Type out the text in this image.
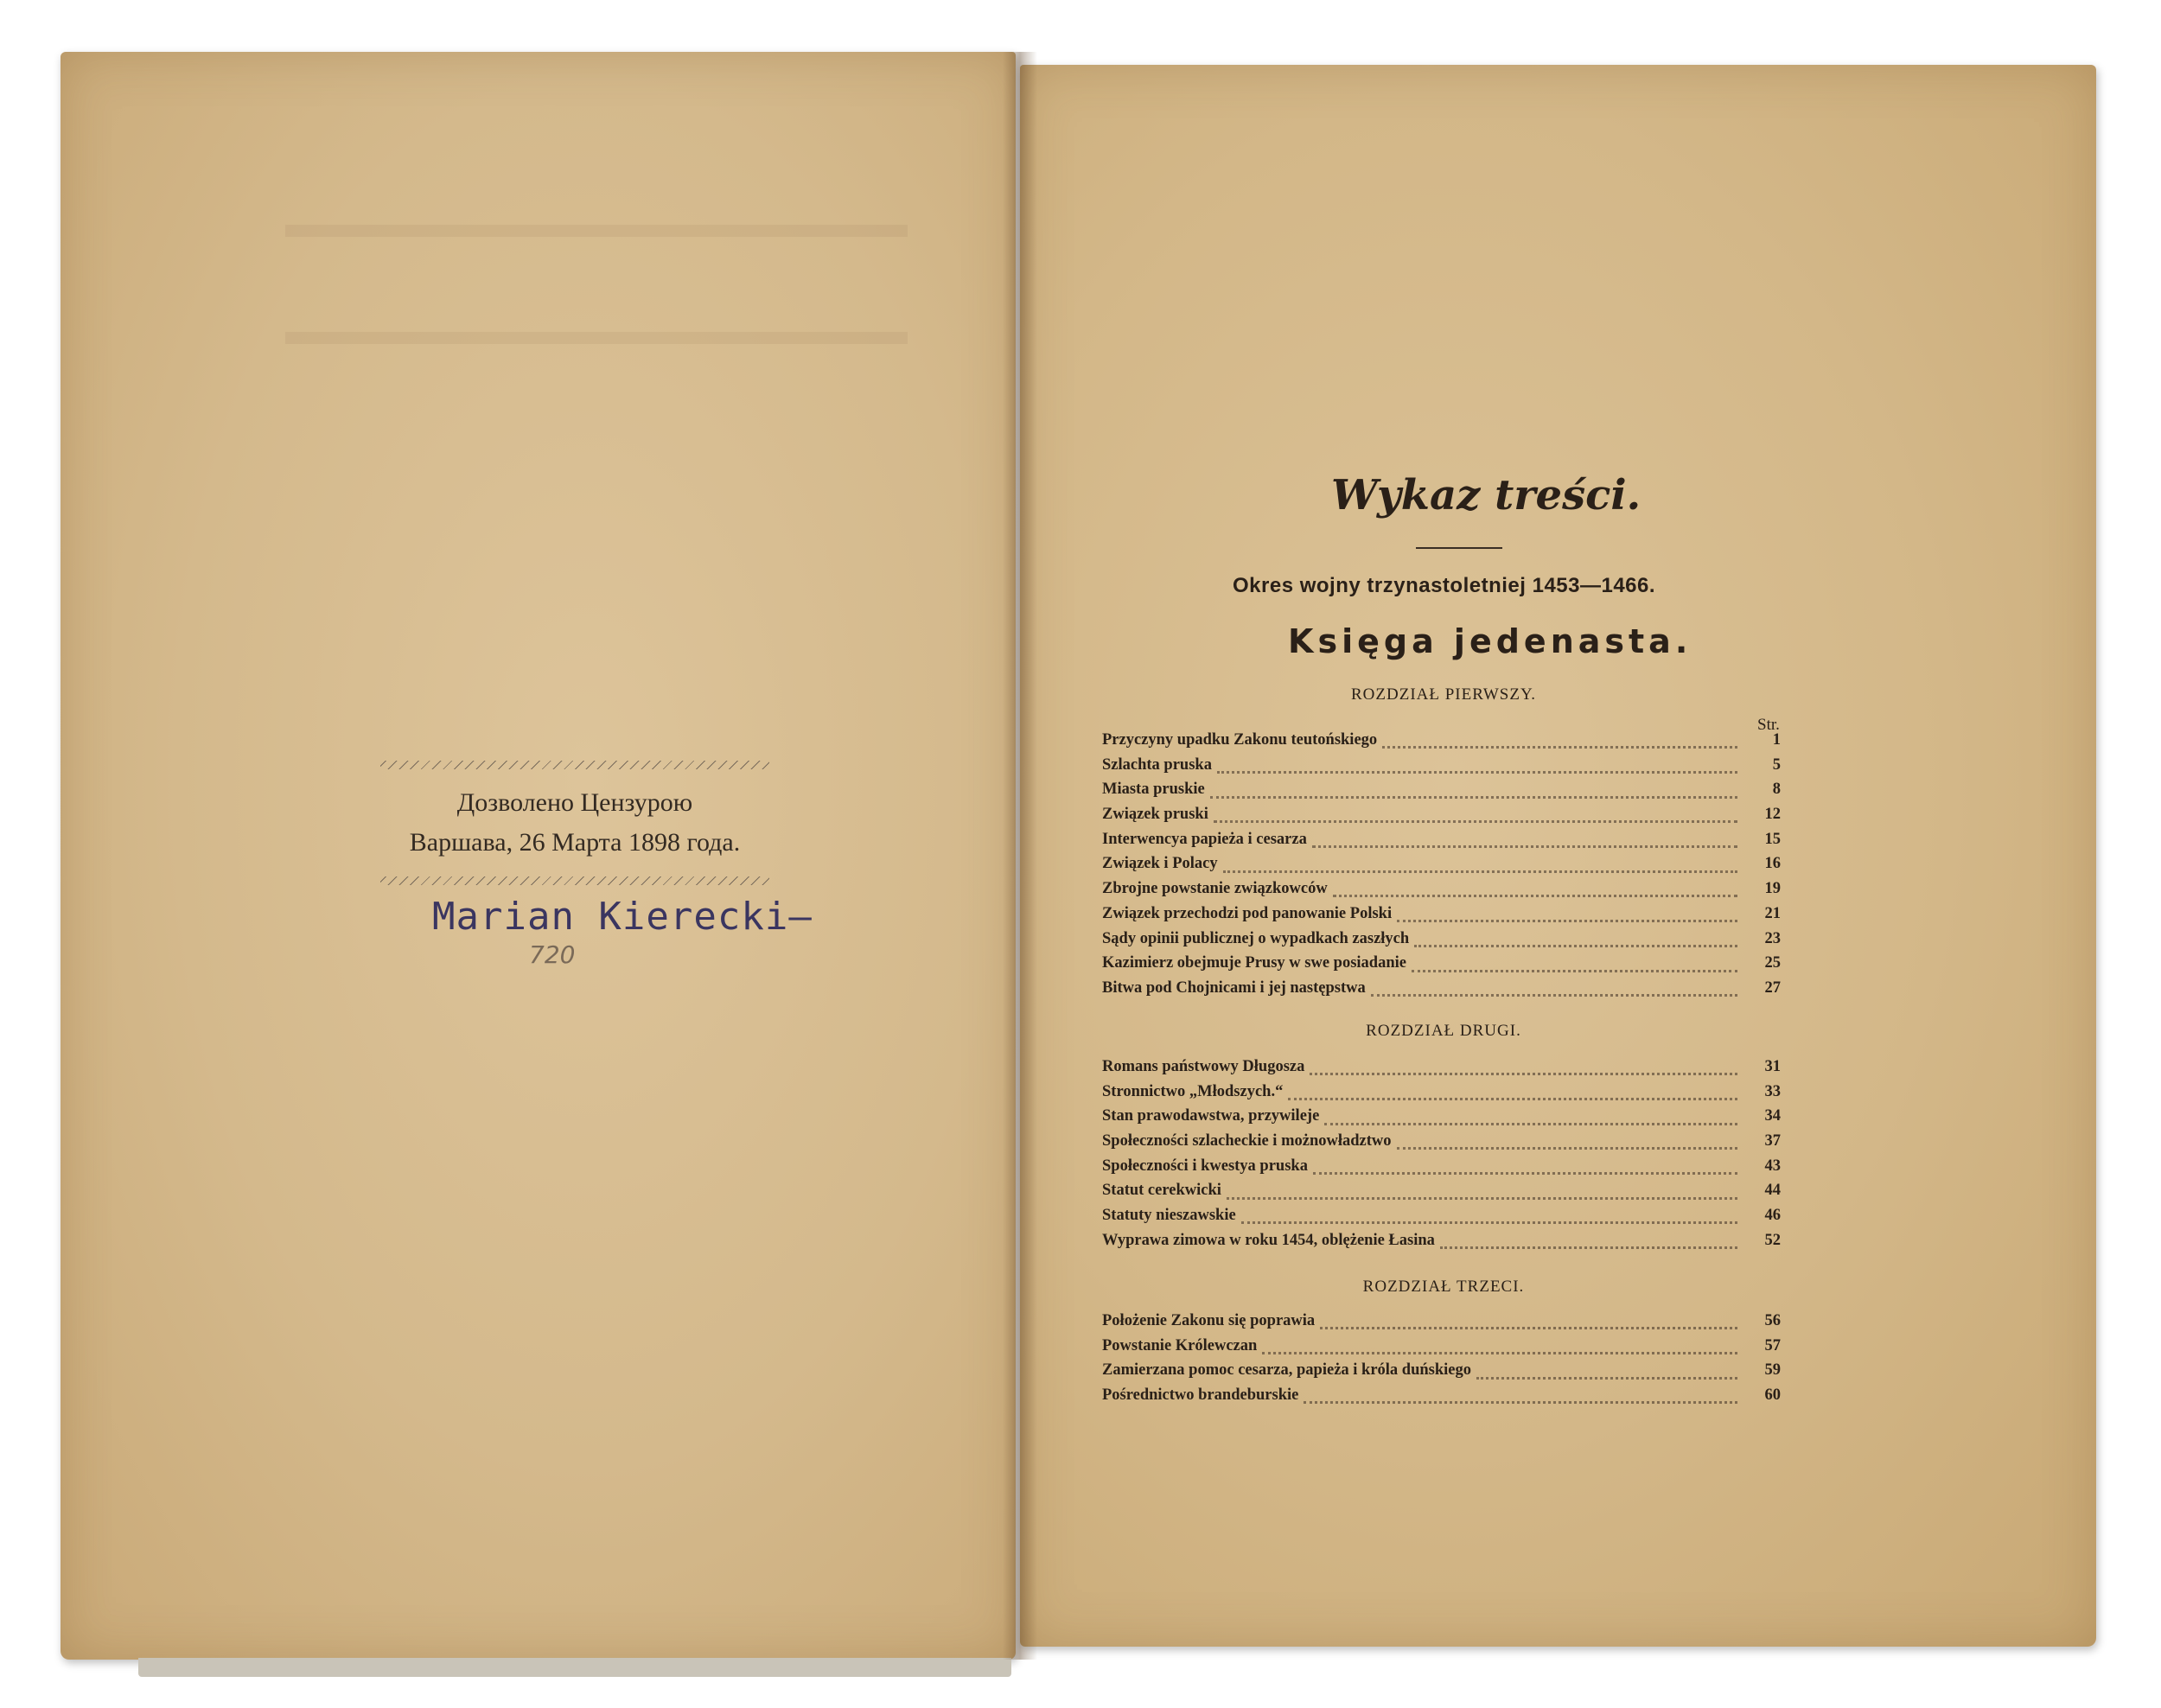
Дозволено Цензурою
Варшава, 26 Марта 1898 года.
Marian Kierecki—
720
Wykaz treści.
Okres wojny trzynastoletniej 1453—1466.
Księga jedenasta.
ROZDZIAŁ PIERWSZY.
Str.
Przyczyny upadku Zakonu teutońskiego	1
Szlachta pruska	5
Miasta pruskie	8
Związek pruski	12
Interwencya papieża i cesarza	15
Związek i Polacy	16
Zbrojne powstanie związkowców	19
Związek przechodzi pod panowanie Polski	21
Sądy opinii publicznej o wypadkach zaszłych	23
Kazimierz obejmuje Prusy w swe posiadanie	25
Bitwa pod Chojnicami i jej następstwa	27
ROZDZIAŁ DRUGI.
Romans państwowy Długosza	31
Stronnictwo „Młodszych.“	33
Stan prawodawstwa, przywileje	34
Społeczności szlacheckie i możnowładztwo	37
Społeczności i kwestya pruska	43
Statut cerekwicki	44
Statuty nieszawskie	46
Wyprawa zimowa w roku 1454, oblężenie Łasina	52
ROZDZIAŁ TRZECI.
Położenie Zakonu się poprawia	56
Powstanie Królewczan	57
Zamierzana pomoc cesarza, papieża i króla duńskiego	59
Pośrednictwo brandeburskie	60
